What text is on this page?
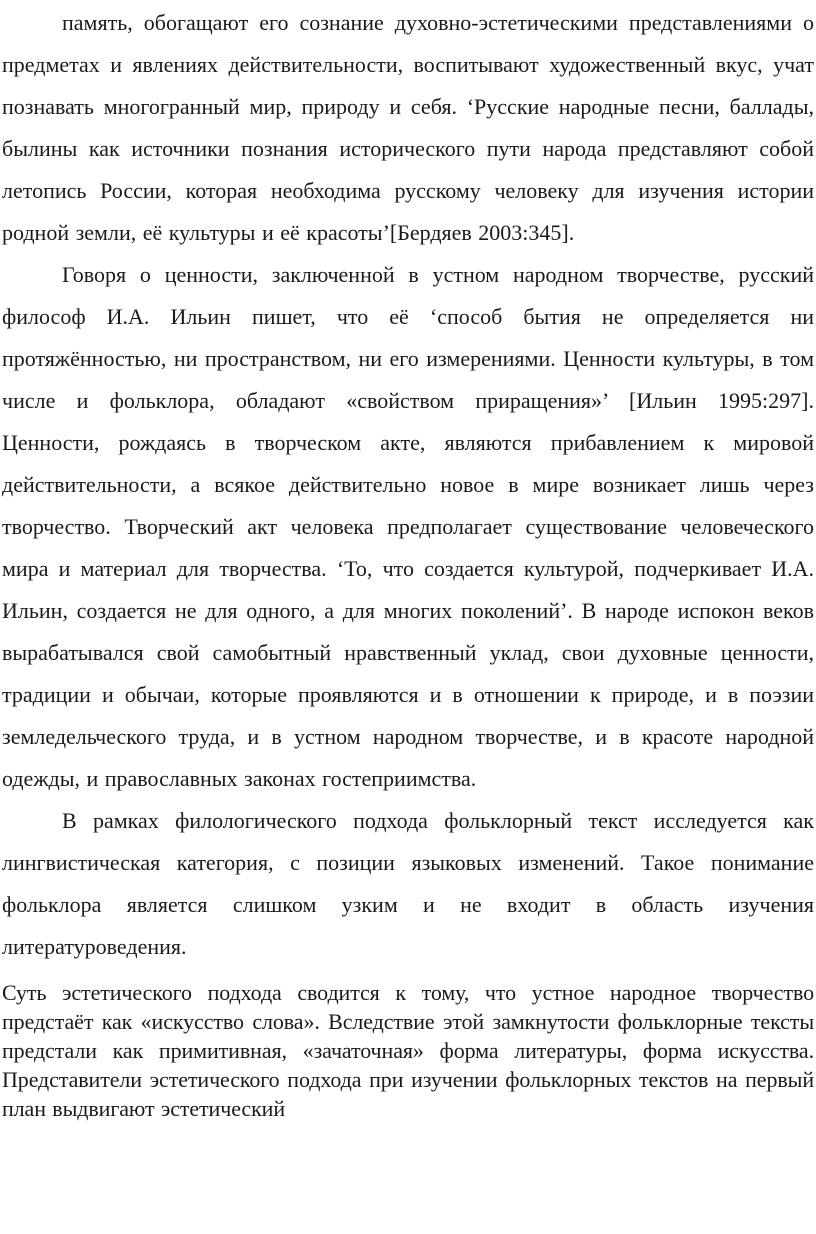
память, обогащают его сознание духовно-эстетическими представлениями о предметах и явлениях действительности, воспитывают художественный вкус, учат познавать многогранный мир, природу и себя. ‘Русские народные песни, баллады, былины как источники познания исторического пути народа представляют собой летопись России, которая необходима русскому человеку для изучения истории родной земли, её культуры и её красоты’[Бердяев 2003:345].

Говоря о ценности, заключенной в устном народном творчестве, русский философ И.А. Ильин пишет, что её ‘способ бытия не определяется ни протяжённостью, ни пространством, ни его измерениями. Ценности культуры, в том числе и фольклора, обладают «свойством приращения»’ [Ильин 1995:297]. Ценности, рождаясь в творческом акте, являются прибавлением к мировой действительности, а всякое действительно новое в мире возникает лишь через творчество. Творческий акт человека предполагает существование человеческого мира и материал для творчества. ‘То, что создается культурой, подчеркивает И.А. Ильин, создается не для одного, а для многих поколений’. В народе испокон веков вырабатывался свой самобытный нравственный уклад, свои духовные ценности, традиции и обычаи, которые проявляются и в отношении к природе, и в поэзии земледельческого труда, и в устном народном творчестве, и в красоте народной одежды, и православных законах гостеприимства.

В рамках филологического подхода фольклорный текст исследуется как лингвистическая категория, с позиции языковых изменений. Такое понимание фольклора является слишком узким и не входит в область изучения литературоведения.

Суть эстетического подхода сводится к тому, что устное народное творчество предстаёт как «искусство слова». Вследствие этой замкнутости фольклорные тексты предстали как примитивная, «зачаточная» форма литературы, форма искусства. Представители эстетического подхода при изучении фольклорных текстов на первый план выдвигают эстетический
